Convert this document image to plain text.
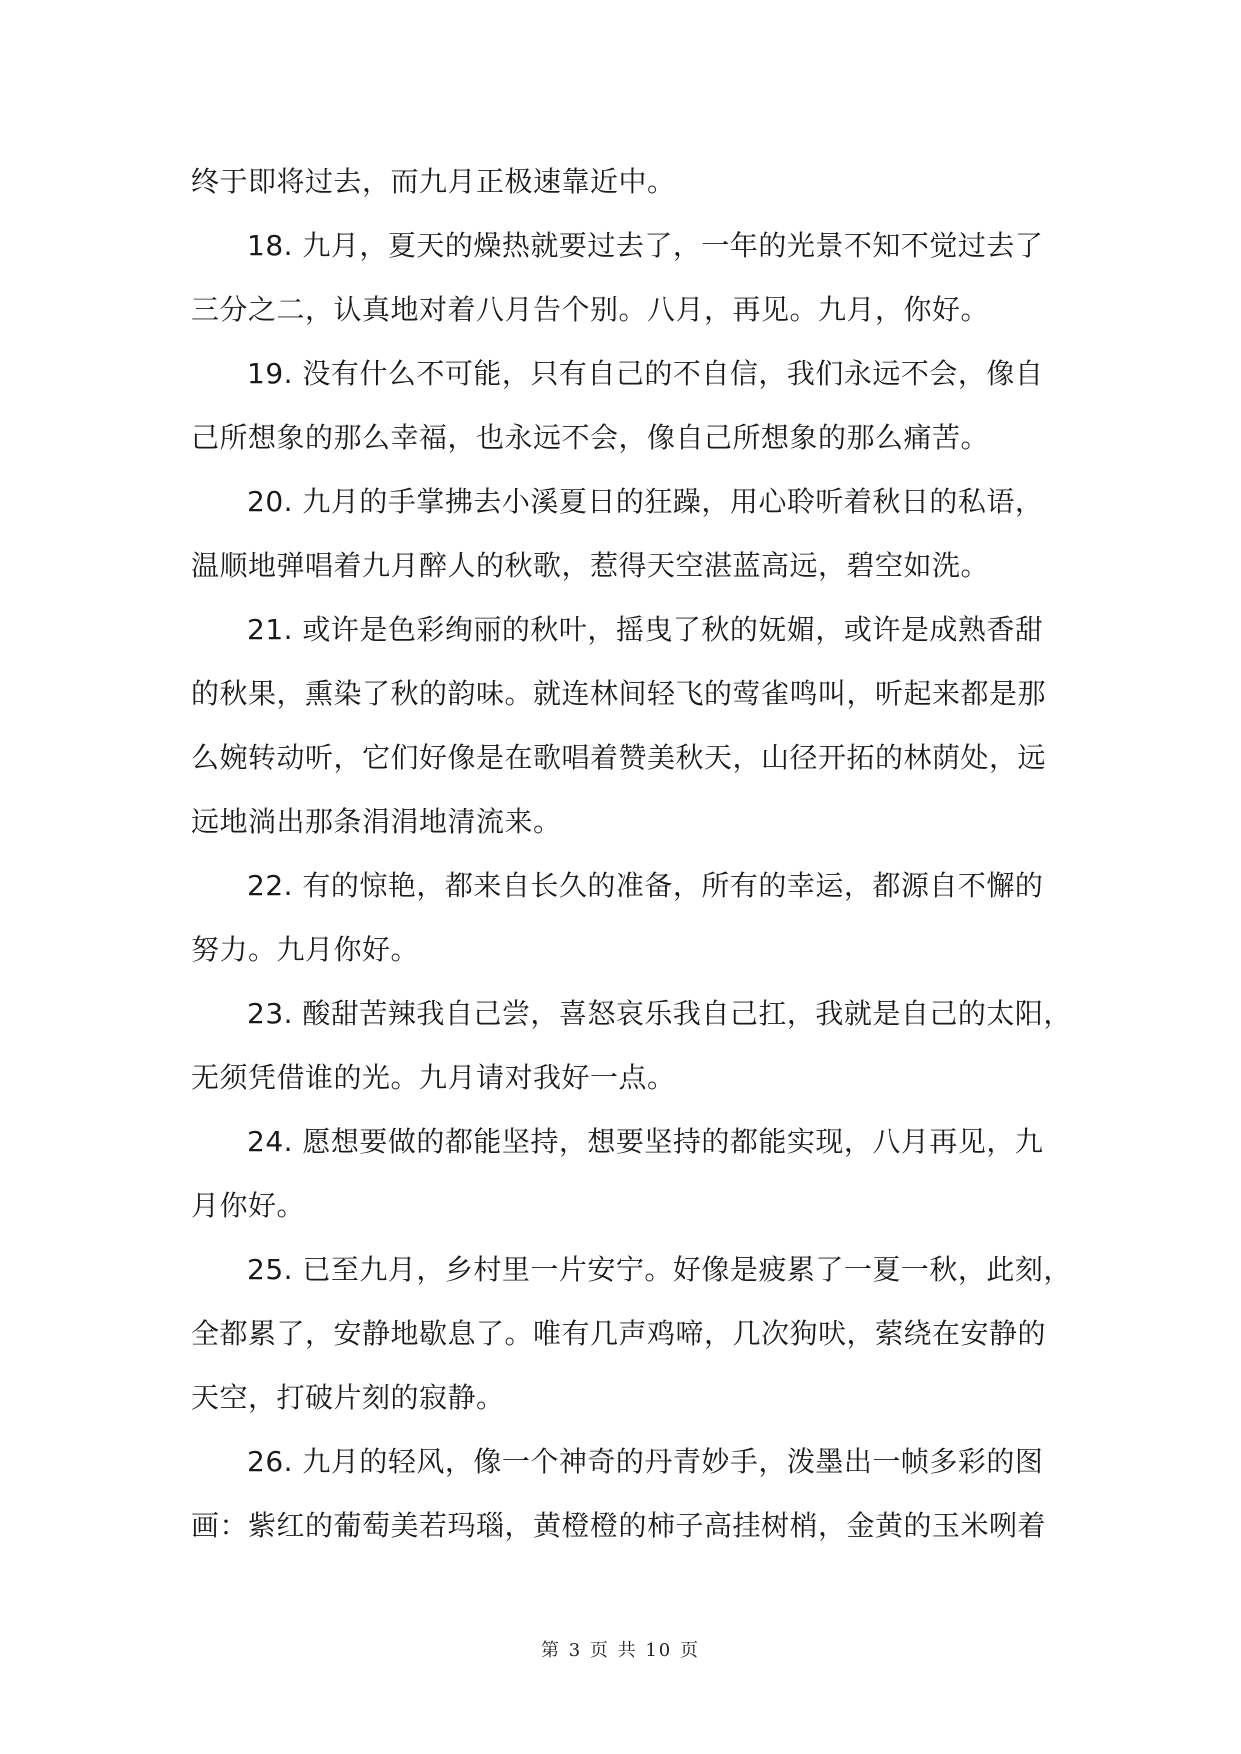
终于即将过去，而九月正极速靠近中。
18. 九月，夏天的燥热就要过去了，一年的光景不知不觉过去了
三分之二，认真地对着八月告个别。八月，再见。九月，你好。
19. 没有什么不可能，只有自己的不自信，我们永远不会，像自
己所想象的那么幸福，也永远不会，像自己所想象的那么痛苦。
20. 九月的手掌拂去小溪夏日的狂躁，用心聆听着秋日的私语，
温顺地弹唱着九月醉人的秋歌，惹得天空湛蓝高远，碧空如洗。
21. 或许是色彩绚丽的秋叶，摇曳了秋的妩媚，或许是成熟香甜
的秋果，熏染了秋的韵味。就连林间轻飞的莺雀鸣叫，听起来都是那
么婉转动听，它们好像是在歌唱着赞美秋天，山径开拓的林荫处，远
远地淌出那条涓涓地清流来。
22. 有的惊艳，都来自长久的准备，所有的幸运，都源自不懈的
努力。九月你好。
23. 酸甜苦辣我自己尝，喜怒哀乐我自己扛，我就是自己的太阳，
无须凭借谁的光。九月请对我好一点。
24. 愿想要做的都能坚持，想要坚持的都能实现，八月再见，九
月你好。
25. 已至九月，乡村里一片安宁。好像是疲累了一夏一秋，此刻，
全都累了，安静地歇息了。唯有几声鸡啼，几次狗吠，萦绕在安静的
天空，打破片刻的寂静。
26. 九月的轻风，像一个神奇的丹青妙手，泼墨出一帧多彩的图
画：紫红的葡萄美若玛瑙，黄橙橙的柿子高挂树梢，金黄的玉米咧着
第 3 页 共 10 页
